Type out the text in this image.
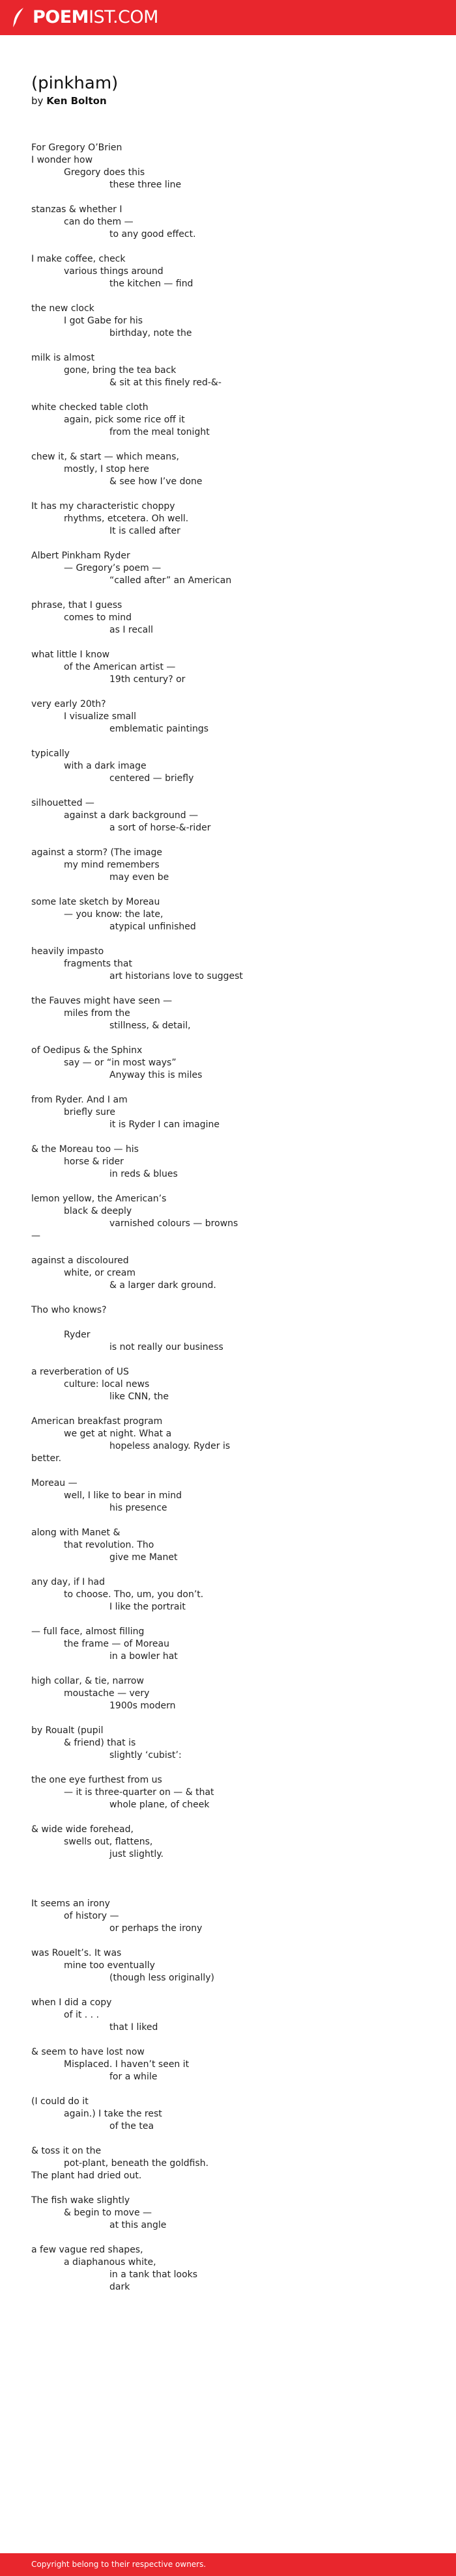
POEMIST.COM
(pinkham)
by Ken Bolton
For Gregory O’Brien
I wonder how
Gregory does this
these three line
stanzas & whether I
can do them —
to any good effect.
I make coffee, check
various things around
the kitchen — find
the new clock
I got Gabe for his
birthday, note the
milk is almost
gone, bring the tea back
& sit at this finely red-&-
white checked table cloth
again, pick some rice off it
from the meal tonight
chew it, & start — which means,
mostly, I stop here
& see how I’ve done
It has my characteristic choppy
rhythms, etcetera. Oh well.
It is called after
Albert Pinkham Ryder
— Gregory’s poem —
“called after” an American
phrase, that I guess
comes to mind
as I recall
what little I know
of the American artist —
19th century? or
very early 20th?
I visualize small
emblematic paintings
typically
with a dark image
centered — briefly
silhouetted —
against a dark background —
a sort of horse-&-rider
against a storm? (The image
my mind remembers
may even be
some late sketch by Moreau
— you know: the late,
atypical unfinished
heavily impasto
fragments that
art historians love to suggest
the Fauves might have seen —
miles from the
stillness, & detail,
of Oedipus & the Sphinx
say — or “in most ways”
Anyway this is miles
from Ryder. And I am
briefly sure
it is Ryder I can imagine
& the Moreau too — his
horse & rider
in reds & blues
lemon yellow, the American’s
black & deeply
varnished colours — browns
—
against a discoloured
white, or cream
& a larger dark ground.
Tho who knows?
Ryder
is not really our business
a reverberation of US
culture: local news
like CNN, the
American breakfast program
we get at night. What a
hopeless analogy. Ryder is
better.
Moreau —
well, I like to bear in mind
his presence
along with Manet &
that revolution. Tho
give me Manet
any day, if I had
to choose. Tho, um, you don’t.
I like the portrait
— full face, almost filling
the frame — of Moreau
in a bowler hat
high collar, & tie, narrow
moustache — very
1900s modern
by Roualt (pupil
& friend) that is
slightly ‘cubist’:
the one eye furthest from us
— it is three-quarter on — & that
whole plane, of cheek
& wide wide forehead,
swells out, flattens,
just slightly.
It seems an irony
of history —
or perhaps the irony
was Rouelt’s. It was
mine too eventually
(though less originally)
when I did a copy
of it . . .
that I liked
& seem to have lost now
Misplaced. I haven’t seen it
for a while
(I could do it
again.) I take the rest
of the tea
& toss it on the
pot-plant, beneath the goldfish.
The plant had dried out.
The fish wake slightly
& begin to move —
at this angle
a few vague red shapes,
a diaphanous white,
in a tank that looks
dark
Copyright belong to their respective owners.
